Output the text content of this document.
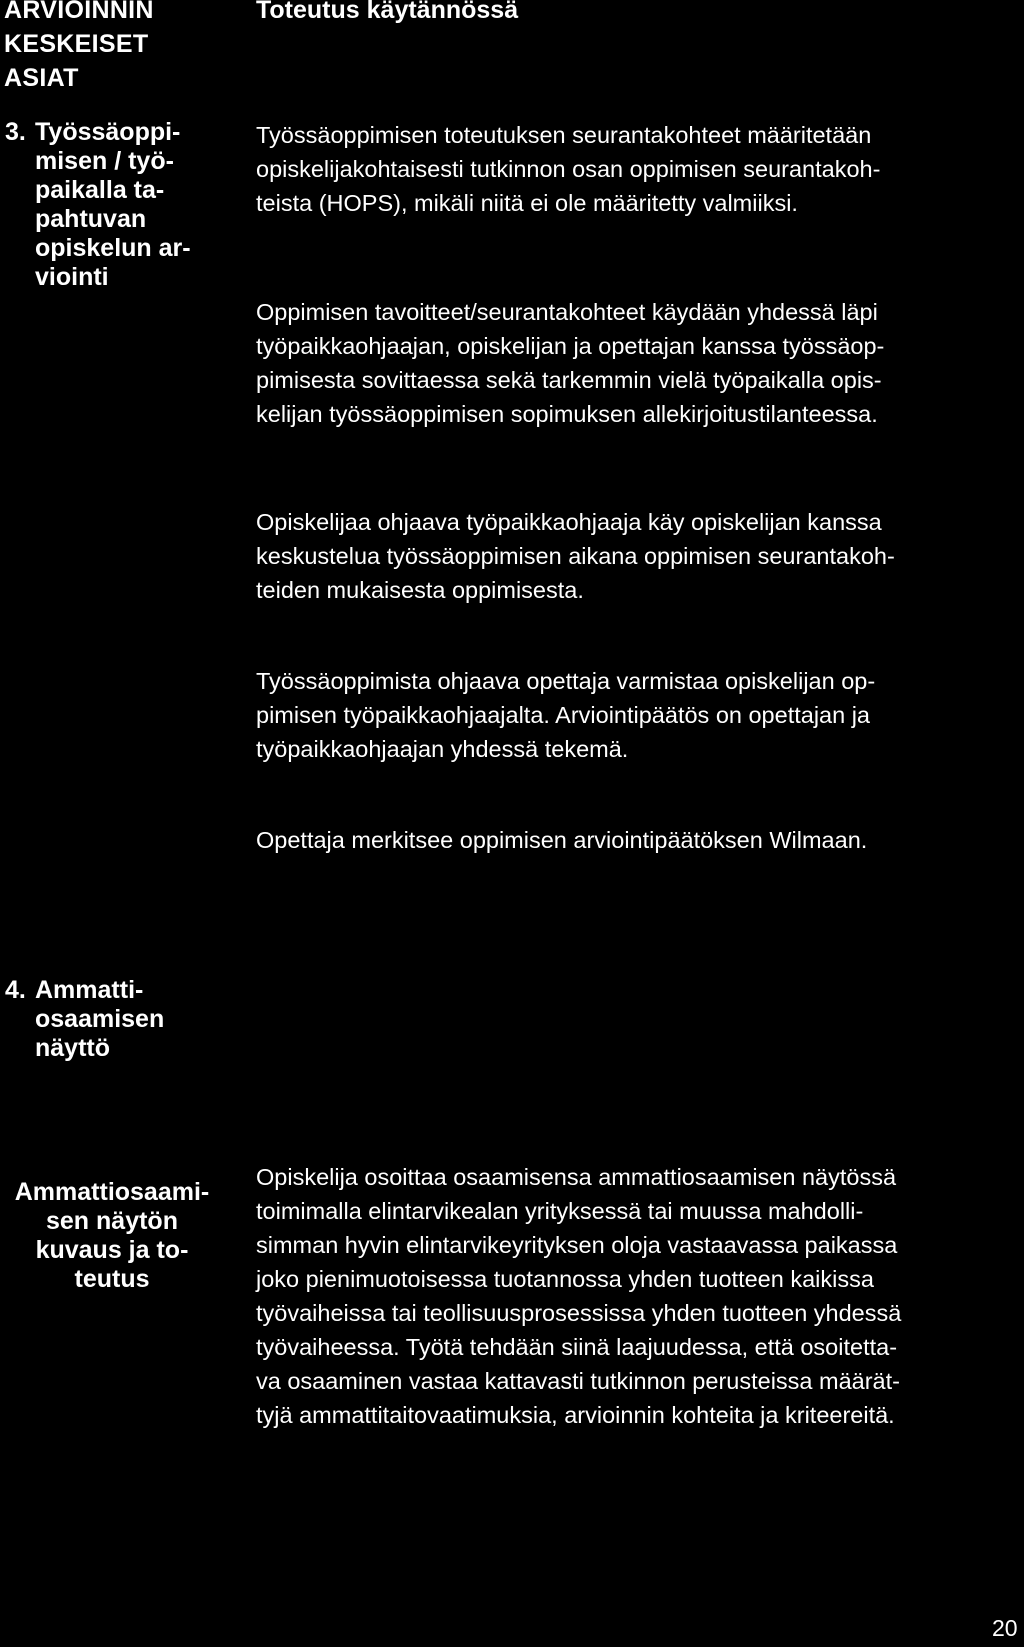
ARVIOINNIN
KESKEISET
ASIAT
Toteutus käytännössä
3. Työssäoppi-
misen / työ-
paikalla ta-
pahtuvan
opiskelun ar-
viointi
Työssäoppimisen toteutuksen seurantakohteet määritetään
opiskelijakohtaisesti tutkinnon osan oppimisen seurantakoh-
teista (HOPS), mikäli niitä ei ole määritetty valmiiksi.
Oppimisen tavoitteet/seurantakohteet käydään yhdessä läpi
työpaikkaohjaajan, opiskelijan ja opettajan kanssa työssäop-
pimisesta sovittaessa sekä tarkemmin vielä työpaikalla opis-
kelijan työssäoppimisen sopimuksen allekirjoitustilanteessa.
Opiskelijaa ohjaava työpaikkaohjaaja käy opiskelijan kanssa
keskustelua työssäoppimisen aikana oppimisen seurantakoh-
teiden mukaisesta oppimisesta.
Työssäoppimista ohjaava opettaja varmistaa opiskelijan op-
pimisen työpaikkaohjaajalta. Arviointipäätös on opettajan ja
työpaikkaohjaajan yhdessä tekemä.
Opettaja merkitsee oppimisen arviointipäätöksen Wilmaan.
4. Ammatti-
osaamisen
näyttö
Ammattiosaami-
sen näytön
kuvaus ja to-
teutus
Opiskelija osoittaa osaamisensa ammattiosaamisen näytössä
toimimalla elintarvikealan yrityksessä tai muussa mahdolli-
simman hyvin elintarvikeyrityksen oloja vastaavassa paikassa
joko pienimuotoisessa tuotannossa yhden tuotteen kaikissa
työvaiheissa tai teollisuusprosessissa yhden tuotteen yhdessä
työvaiheessa. Työtä tehdään siinä laajuudessa, että osoitetta-
va osaaminen vastaa kattavasti tutkinnon perusteissa määrät-
tyjä ammattitaitovaatimuksia, arvioinnin kohteita ja kriteereitä.
20
